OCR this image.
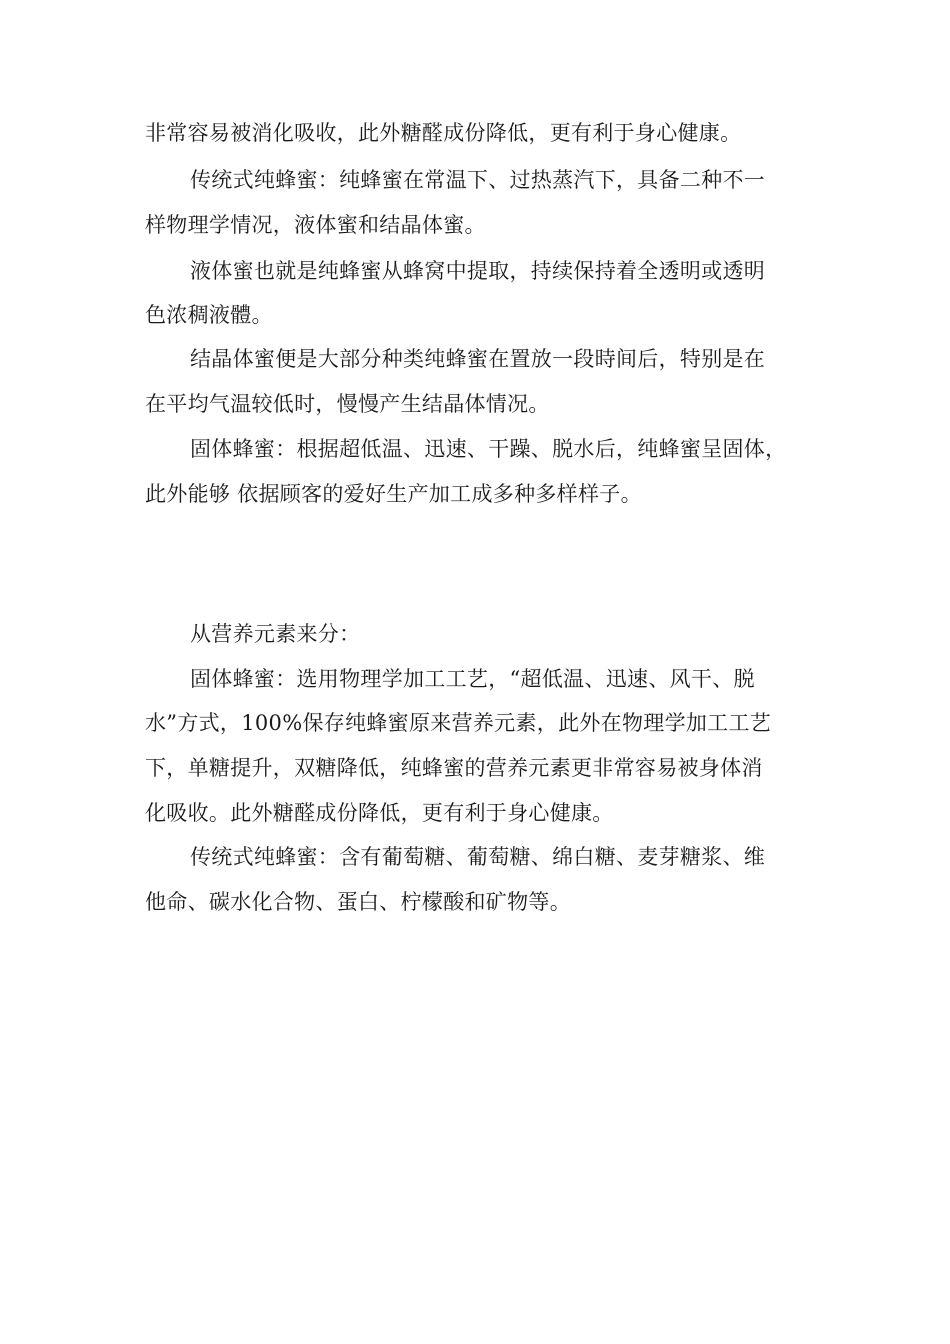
非常容易被消化吸收，此外糖醛成份降低，更有利于身心健康。

传统式纯蜂蜜：纯蜂蜜在常温下、过热蒸汽下，具备二种不一

样物理学情况，液体蜜和结晶体蜜。

液体蜜也就是纯蜂蜜从蜂窝中提取，持续保持着全透明或透明

色浓稠液體。

结晶体蜜便是大部分种类纯蜂蜜在置放一段時间后，特别是在

在平均气温较低时，慢慢产生结晶体情况。

固体蜂蜜：根据超低温、迅速、干躁、脱水后，纯蜂蜜呈固体，

此外能够 依据顾客的爱好生产加工成多种多样样子。

从营养元素来分：

固体蜂蜜：选用物理学加工工艺，“超低温、迅速、风干、脱

水”方式，100%保存纯蜂蜜原来营养元素，此外在物理学加工工艺

下，单糖提升，双糖降低，纯蜂蜜的营养元素更非常容易被身体消

化吸收。此外糖醛成份降低，更有利于身心健康。

传统式纯蜂蜜：含有葡萄糖、葡萄糖、绵白糖、麦芽糖浆、维

他命、碳水化合物、蛋白、柠檬酸和矿物等。
